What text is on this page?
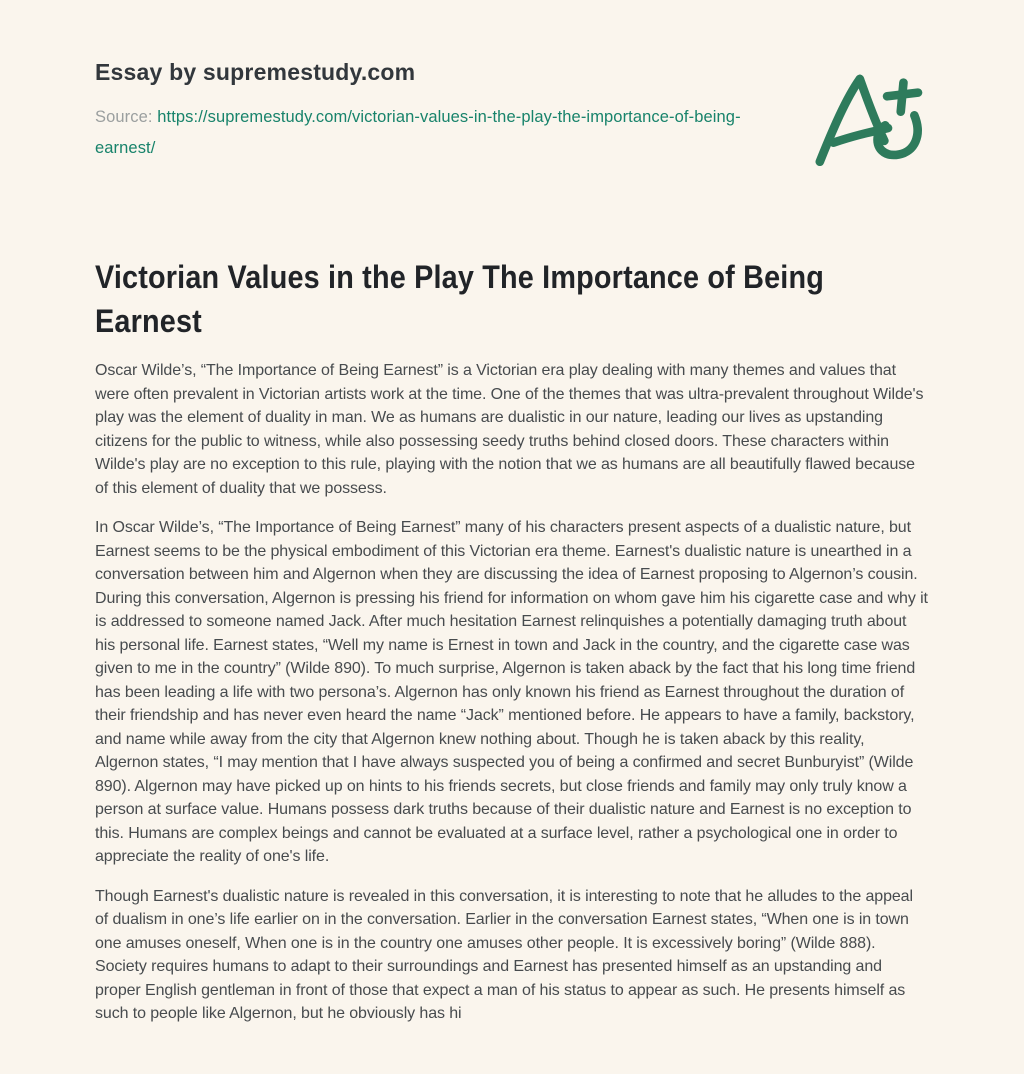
Essay by supremestudy.com
Source: https://supremestudy.com/victorian-values-in-the-play-the-importance-of-being-earnest/
Victorian Values in the Play The Importance of Being Earnest

Oscar Wilde’s, “The Importance of Being Earnest” is a Victorian era play dealing with many themes and values that were often prevalent in Victorian artists work at the time. One of the themes that was ultra-prevalent throughout Wilde's play was the element of duality in man. We as humans are dualistic in our nature, leading our lives as upstanding citizens for the public to witness, while also possessing seedy truths behind closed doors. These characters within Wilde's play are no exception to this rule, playing with the notion that we as humans are all beautifully flawed because of this element of duality that we possess.

In Oscar Wilde’s, “The Importance of Being Earnest” many of his characters present aspects of a dualistic nature, but Earnest seems to be the physical embodiment of this Victorian era theme. Earnest's dualistic nature is unearthed in a conversation between him and Algernon when they are discussing the idea of Earnest proposing to Algernon’s cousin. During this conversation, Algernon is pressing his friend for information on whom gave him his cigarette case and why it is addressed to someone named Jack. After much hesitation Earnest relinquishes a potentially damaging truth about his personal life. Earnest states, “Well my name is Ernest in town and Jack in the country, and the cigarette case was given to me in the country” (Wilde 890). To much surprise, Algernon is taken aback by the fact that his long time friend has been leading a life with two persona’s. Algernon has only known his friend as Earnest throughout the duration of their friendship and has never even heard the name “Jack” mentioned before. He appears to have a family, backstory, and name while away from the city that Algernon knew nothing about. Though he is taken aback by this reality, Algernon states, “I may mention that I have always suspected you of being a confirmed and secret Bunburyist” (Wilde 890). Algernon may have picked up on hints to his friends secrets, but close friends and family may only truly know a person at surface value. Humans possess dark truths because of their dualistic nature and Earnest is no exception to this. Humans are complex beings and cannot be evaluated at a surface level, rather a psychological one in order to appreciate the reality of one's life.

Though Earnest's dualistic nature is revealed in this conversation, it is interesting to note that he alludes to the appeal of dualism in one’s life earlier on in the conversation. Earlier in the conversation Earnest states, “When one is in town one amuses oneself, When one is in the country one amuses other people. It is excessively boring” (Wilde 888). Society requires humans to adapt to their surroundings and Earnest has presented himself as an upstanding and proper English gentleman in front of those that expect a man of his status to appear as such. He presents himself as such to people like Algernon, but he obviously has hi
